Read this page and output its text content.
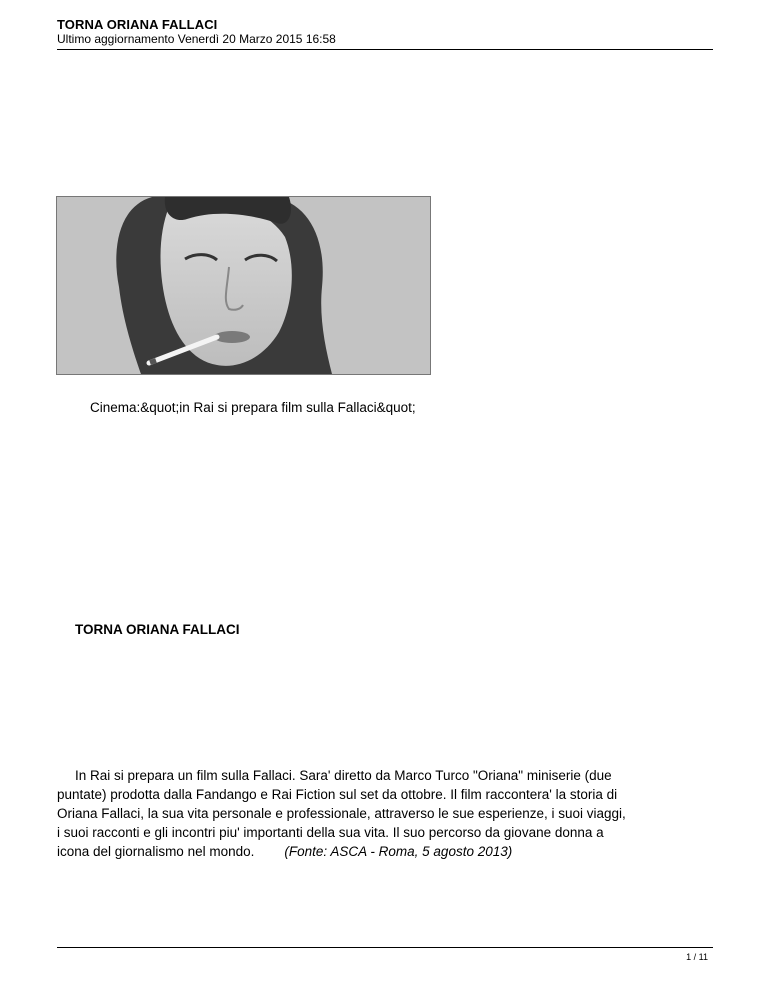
TORNA ORIANA FALLACI
Ultimo aggiornamento Venerdì 20 Marzo 2015 16:58
Cinema:&quot;in Rai si prepara film sulla Fallaci&quot;
TORNA ORIANA FALLACI

In Rai si prepara un film sulla Fallaci. Sara' diretto da Marco Turco "Oriana" miniserie (due

puntate) prodotta dalla Fandango e Rai Fiction sul set da ottobre. Il film raccontera' la storia di

Oriana Fallaci, la sua vita personale e professionale, attraverso le sue esperienze, i suoi viaggi,

i suoi racconti e gli incontri piu' importanti della sua vita. Il suo percorso da giovane donna a

icona del giornalismo nel mondo. (Fonte: ASCA - Roma, 5 agosto 2013)

1 / 11
